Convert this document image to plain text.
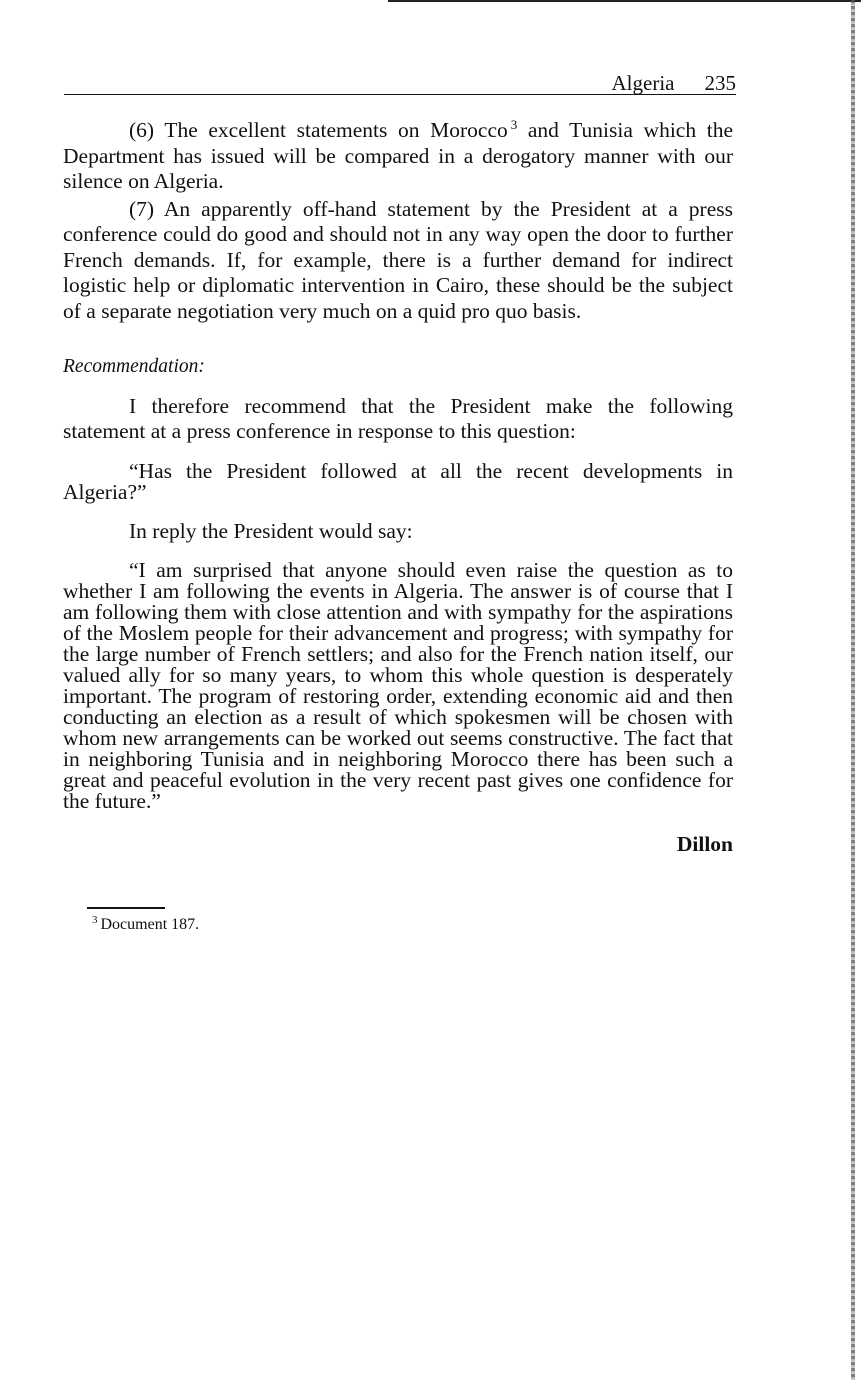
Algeria 235

(6) The excellent statements on Morocco $^3$ and Tunisia which the Department has issued will be compared in a derogatory manner with our silence on Algeria.

(7) An apparently off-hand statement by the President at a press conference could do good and should not in any way open the door to further French demands. If, for example, there is a further demand for indirect logistic help or diplomatic intervention in Cairo, these should be the subject of a separate negotiation very much on a quid pro quo basis.

Recommendation:

I therefore recommend that the President make the following statement at a press conference in response to this question:

“Has the President followed at all the recent developments in Algeria?”

In reply the President would say:

“I am surprised that anyone should even raise the question as to whether I am following the events in Algeria. The answer is of course that I am following them with close attention and with sympathy for the aspirations of the Moslem people for their advancement and progress; with sympathy for the large number of French settlers; and also for the French nation itself, our valued ally for so many years, to whom this whole question is desperately important. The program of restoring order, extending economic aid and then conducting an election as a result of which spokesmen will be chosen with whom new arrangements can be worked out seems constructive. The fact that in neighboring Tunisia and in neighboring Morocco there has been such a great and peaceful evolution in the very recent past gives one confidence for the future.”

Dillon

$^3$ Document 187.
